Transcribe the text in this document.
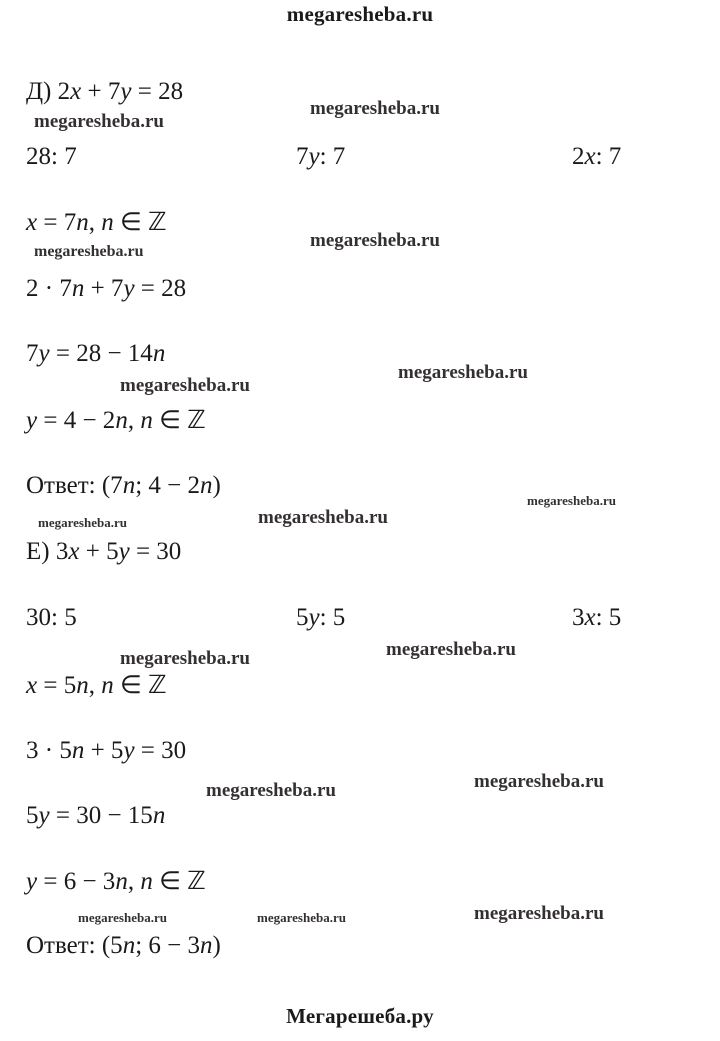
megaresheba.ru
Д) 2x + 7y = 28
28: 7	7y: 7	2x: 7
x = 7n, n ∈ ℤ
2 · 7n + 7y = 28
7y = 28 − 14n
y = 4 − 2n, n ∈ ℤ
Ответ: (7n; 4 − 2n)
Е) 3x + 5y = 30
30: 5	5y: 5	3x: 5
x = 5n, n ∈ ℤ
3 · 5n + 5y = 30
5y = 30 − 15n
y = 6 − 3n, n ∈ ℤ
Ответ: (5n; 6 − 3n)
megaresheba.ru
megaresheba.ru
megaresheba.ru
megaresheba.ru
megaresheba.ru
megaresheba.ru
megaresheba.ru
megaresheba.ru	megaresheba.ru
megaresheba.ru	megaresheba.ru
megaresheba.ru	megaresheba.ru
megaresheba.ru	megaresheba.ru	megaresheba.ru
Мегарешеба.ру
